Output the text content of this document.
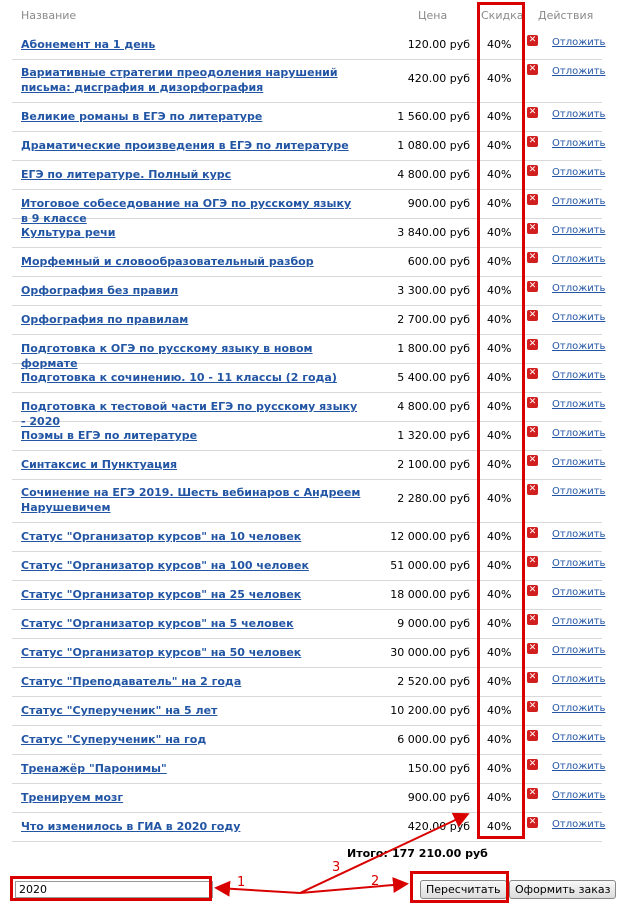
Название	Цена	Скидка Действия
Абонемент на 1 день	120.00 руб 40% ✕ Отложить
Вариативные стратегии преодоления нарушений письма: дисграфия и дизорфография
420.00 руб 40%
✕ Отложить
Великие романы в ЕГЭ по литературе	1 560.00 руб 40% ✕ Отложить
Драматические произведения в ЕГЭ по литературе	1 080.00 руб 40% ✕ Отложить
ЕГЭ по литературе. Полный курс	4 800.00 руб 40% ✕ Отложить
Итоговое собеседование на ОГЭ по русскому языку в 9 классе
900.00 руб 40% ✕ Отложить
Культура речи	3 840.00 руб 40% ✕ Отложить
Морфемный и словообразовательный разбор	600.00 руб 40% ✕ Отложить
Орфография без правил	3 300.00 руб 40% ✕ Отложить
Орфография по правилам	2 700.00 руб 40% ✕ Отложить
Подготовка к ОГЭ по русскому языку в новом формате
1 800.00 руб 40% ✕ Отложить
Подготовка к сочинению. 10 - 11 классы (2 года)	5 400.00 руб 40% ✕ Отложить
Подготовка к тестовой части ЕГЭ по русскому языку - 2020
4 800.00 руб 40% ✕ Отложить
Поэмы в ЕГЭ по литературе	1 320.00 руб 40% ✕ Отложить
Синтаксис и Пунктуация	2 100.00 руб 40% ✕ Отложить
Сочинение на ЕГЭ 2019. Шесть вебинаров с Андреем Нарушевичем
2 280.00 руб 40%
✕ Отложить
Статус "Организатор курсов" на 10 человек	12 000.00 руб 40% ✕ Отложить
Статус "Организатор курсов" на 100 человек	51 000.00 руб 40% ✕ Отложить
Статус "Организатор курсов" на 25 человек	18 000.00 руб 40% ✕ Отложить
Статус "Организатор курсов" на 5 человек	9 000.00 руб 40% ✕ Отложить
Статус "Организатор курсов" на 50 человек	30 000.00 руб 40% ✕ Отложить
Статус "Преподаватель" на 2 года	2 520.00 руб 40% ✕ Отложить
Статус "Суперученик" на 5 лет	10 200.00 руб 40% ✕ Отложить
Статус "Суперученик" на год	6 000.00 руб 40% ✕ Отложить
Тренажёр "Паронимы"	150.00 руб 40% ✕ Отложить
Тренируем мозг	900.00 руб 40% ✕ Отложить
Что изменилось в ГИА в 2020 году	420.00 руб 40% ✕ Отложить
Итого: 177 210.00 руб
2020
Пересчитать	Оформить заказ
1	2
3
